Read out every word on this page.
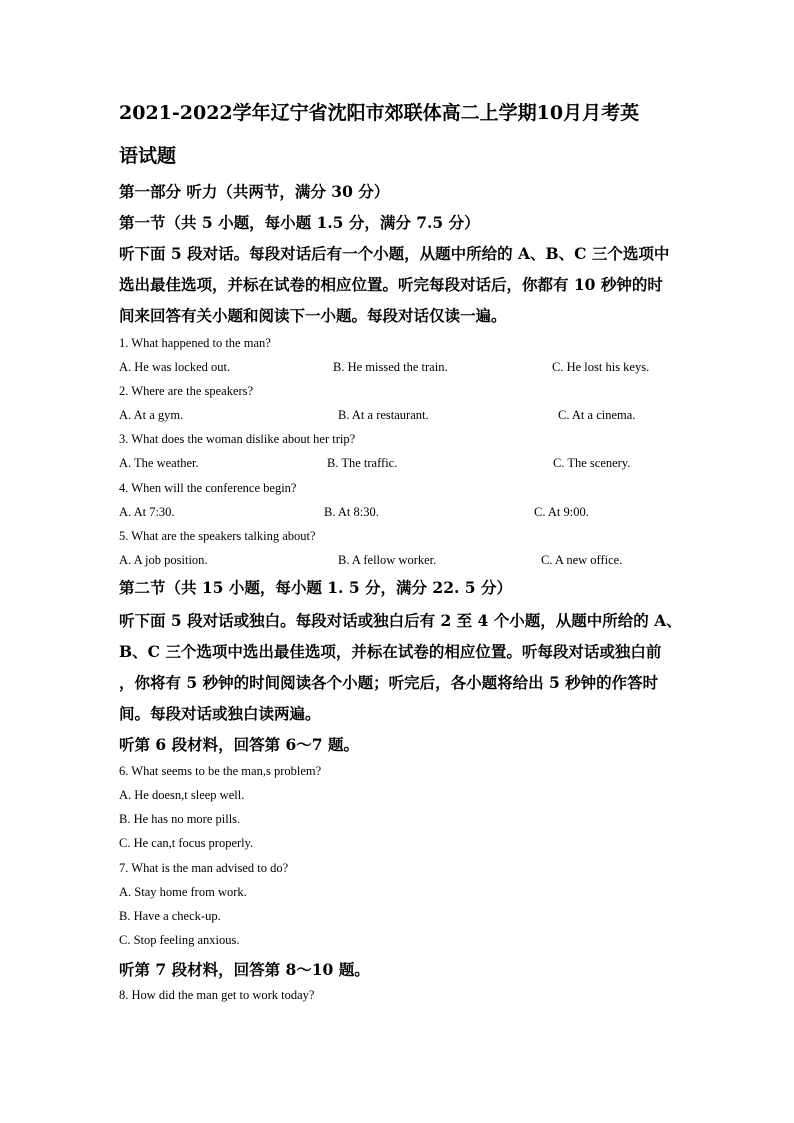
2021-2022学年辽宁省沈阳市郊联体高二上学期10月月考英
语试题
第一部分 听力（共两节，满分 30 分）
第一节（共 5 小题，每小题 1.5 分，满分 7.5 分）
听下面 5 段对话。每段对话后有一个小题，从题中所给的 A、B、C 三个选项中
选出最佳选项，并标在试卷的相应位置。听完每段对话后，你都有 10 秒钟的时
间来回答有关小题和阅读下一小题。每段对话仅读一遍。
1. What happened to the man?
A. He was locked out.	B. He missed the train.	C. He lost his keys.
2. Where are the speakers?
A. At a gym.	B. At a restaurant.	C. At a cinema.
3. What does the woman dislike about her trip?
A. The weather.	B. The traffic.	C. The scenery.
4. When will the conference begin?
A. At 7:30.	B. At 8:30.	C. At 9:00.
5. What are the speakers talking about?
A. A job position.	B. A fellow worker.	C. A new office.
第二节（共 15 小题，每小题 1. 5 分，满分 22. 5 分）
听下面 5 段对话或独白。每段对话或独白后有 2 至 4 个小题，从题中所给的 A、
B、C 三个选项中选出最佳选项，并标在试卷的相应位置。听每段对话或独白前
，你将有 5 秒钟的时间阅读各个小题；听完后，各小题将给出 5 秒钟的作答时
间。每段对话或独白读两遍。
听第 6 段材料，回答第 6～7 题。
6. What seems to be the man,s problem?
A. He doesn,t sleep well.
B. He has no more pills.
C. He can,t focus properly.
7. What is the man advised to do?
A. Stay home from work.
B. Have a check-up.
C. Stop feeling anxious.
听第 7 段材料，回答第 8～10 题。
8. How did the man get to work today?
